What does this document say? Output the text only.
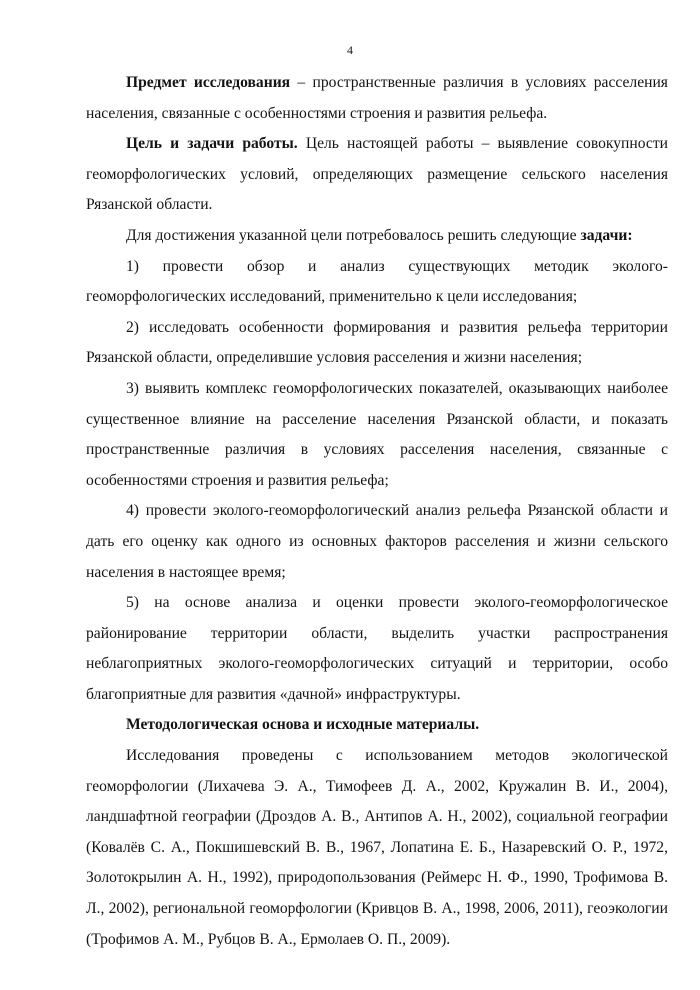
4

Предмет исследования – пространственные различия в условиях расселения населения, связанные с особенностями строения и развития рельефа.

Цель и задачи работы. Цель настоящей работы – выявление совокупности геоморфологических условий, определяющих размещение сельского населения Рязанской области.

Для достижения указанной цели потребовалось решить следующие задачи:

1) провести обзор и анализ существующих методик эколого-геоморфологических исследований, применительно к цели исследования;

2) исследовать особенности формирования и развития рельефа территории Рязанской области, определившие условия расселения и жизни населения;

3) выявить комплекс геоморфологических показателей, оказывающих наиболее существенное влияние на расселение населения Рязанской области, и показать пространственные различия в условиях расселения населения, связанные с особенностями строения и развития рельефа;

4) провести эколого-геоморфологический анализ рельефа Рязанской области и дать его оценку как одного из основных факторов расселения и жизни сельского населения в настоящее время;

5) на основе анализа и оценки провести эколого-геоморфологическое районирование территории области, выделить участки распространения неблагоприятных эколого-геоморфологических ситуаций и территории, особо благоприятные для развития «дачной» инфраструктуры.

Методологическая основа и исходные материалы.

Исследования проведены с использованием методов экологической геоморфологии (Лихачева Э. А., Тимофеев Д. А., 2002, Кружалин В. И., 2004), ландшафтной географии (Дроздов А. В., Антипов А. Н., 2002), социальной географии (Ковалёв С. А., Покшишевский В. В., 1967, Лопатина Е. Б., Назаревский О. Р., 1972, Золотокрылин А. Н., 1992), природопользования (Реймерс Н. Ф., 1990, Трофимова В. Л., 2002), региональной геоморфологии (Кривцов В. А., 1998, 2006, 2011), геоэкологии (Трофимов А. М., Рубцов В. А., Ермолаев О. П., 2009).
